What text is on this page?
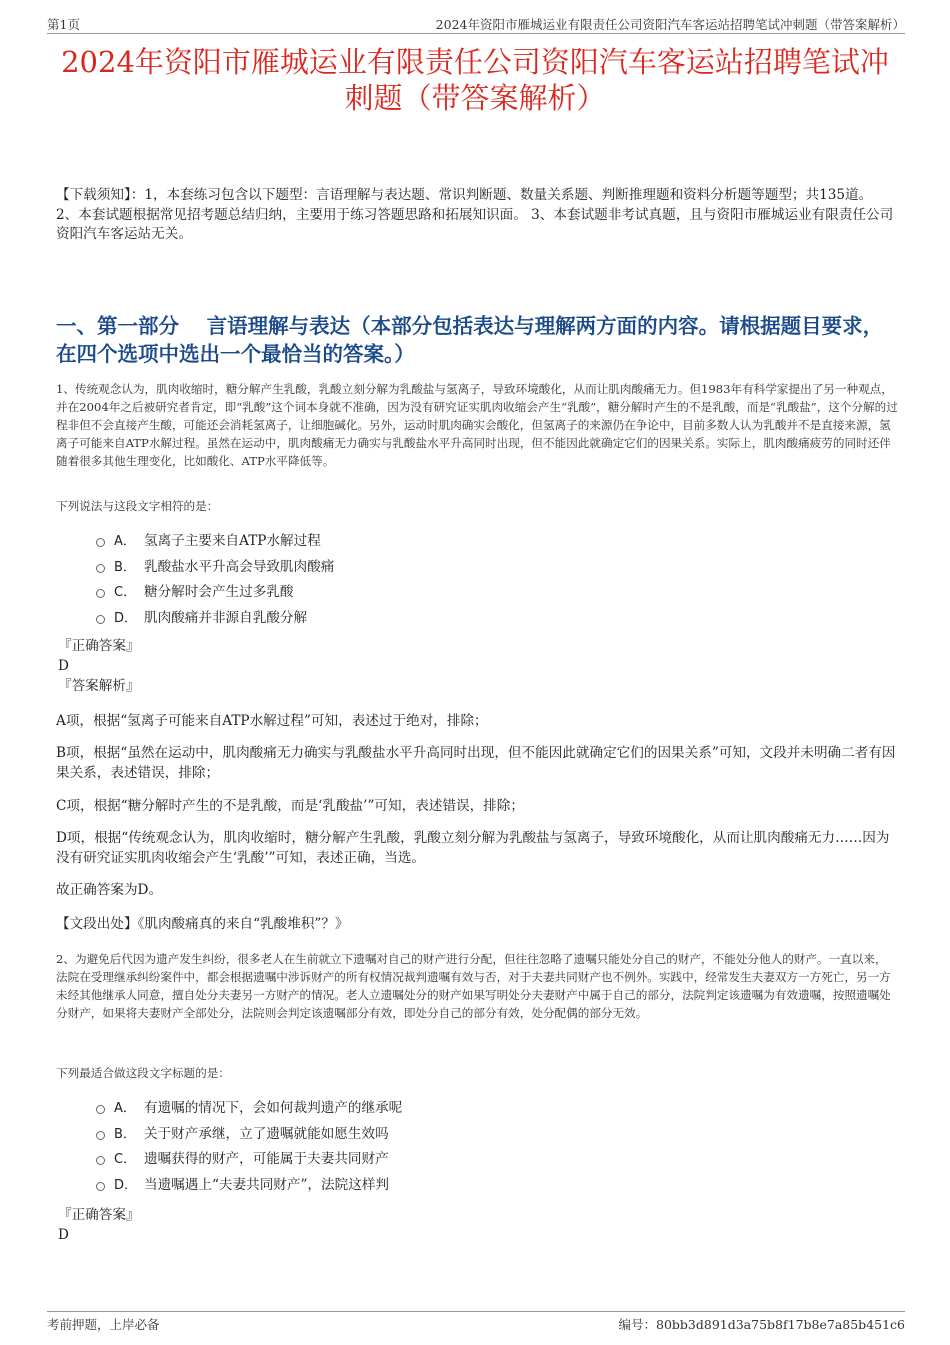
第1页	2024年资阳市雁城运业有限责任公司资阳汽车客运站招聘笔试冲刺题（带答案解析）
2024年资阳市雁城运业有限责任公司资阳汽车客运站招聘笔试冲刺题（带答案解析）

【下载须知】：1，本套练习包含以下题型：言语理解与表达题、常识判断题、数量关系题、判断推理题和资料分析题等题型；共135道。 2、本套试题根据常见招考题总结归纳，主要用于练习答题思路和拓展知识面。 3、本套试题非考试真题，且与资阳市雁城运业有限责任公司资阳汽车客运站无关。

一、第一部分　 言语理解与表达（本部分包括表达与理解两方面的内容。请根据题目要求，在四个选项中选出一个最恰当的答案。）

1、传统观念认为，肌肉收缩时，糖分解产生乳酸，乳酸立刻分解为乳酸盐与氢离子，导致环境酸化，从而让肌肉酸痛无力。但1983年有科学家提出了另一种观点，并在2004年之后被研究者肯定，即“乳酸”这个词本身就不准确，因为没有研究证实肌肉收缩会产生“乳酸”，糖分解时产生的不是乳酸，而是“乳酸盐”，这个分解的过程非但不会直接产生酸，可能还会消耗氢离子，让细胞碱化。另外，运动时肌肉确实会酸化，但氢离子的来源仍在争论中，目前多数人认为乳酸并不是直接来源，氢离子可能来自ATP水解过程。虽然在运动中，肌肉酸痛无力确实与乳酸盐水平升高同时出现，但不能因此就确定它们的因果关系。实际上，肌肉酸痛疲劳的同时还伴随着很多其他生理变化，比如酸化、ATP水平降低等。

下列说法与这段文字相符的是：

A． 氢离子主要来自ATP水解过程
B． 乳酸盐水平升高会导致肌肉酸痛
C． 糖分解时会产生过多乳酸
D． 肌肉酸痛并非源自乳酸分解
『正确答案』
D
『答案解析』

A项，根据“氢离子可能来自ATP水解过程”可知，表述过于绝对，排除；

B项，根据“虽然在运动中，肌肉酸痛无力确实与乳酸盐水平升高同时出现，但不能因此就确定它们的因果关系”可知，文段并未明确二者有因果关系，表述错误，排除；

C项，根据“糖分解时产生的不是乳酸，而是‘乳酸盐’”可知，表述错误，排除；

D项，根据“传统观念认为，肌肉收缩时，糖分解产生乳酸，乳酸立刻分解为乳酸盐与氢离子，导致环境酸化，从而让肌肉酸痛无力……因为没有研究证实肌肉收缩会产生‘乳酸’”可知，表述正确，当选。

故正确答案为D。

【文段出处】《肌肉酸痛真的来自“乳酸堆积”？》

2、为避免后代因为遗产发生纠纷，很多老人在生前就立下遗嘱对自己的财产进行分配，但往往忽略了遗嘱只能处分自己的财产，不能处分他人的财产。一直以来，法院在受理继承纠纷案件中，都会根据遗嘱中涉诉财产的所有权情况裁判遗嘱有效与否，对于夫妻共同财产也不例外。实践中，经常发生夫妻双方一方死亡，另一方未经其他继承人同意，擅自处分夫妻另一方财产的情况。老人立遗嘱处分的财产如果写明处分夫妻财产中属于自己的部分，法院判定该遗嘱为有效遗嘱，按照遗嘱处分财产，如果将夫妻财产全部处分，法院则会判定该遗嘱部分有效，即处分自己的部分有效，处分配偶的部分无效。

下列最适合做这段文字标题的是：

A． 有遗嘱的情况下，会如何裁判遗产的继承呢
B． 关于财产承继，立了遗嘱就能如愿生效吗
C． 遗嘱获得的财产，可能属于夫妻共同财产
D． 当遗嘱遇上“夫妻共同财产”，法院这样判
『正确答案』
D
考前押题，上岸必备	编号：80bb3d891d3a75b8f17b8e7a85b451c6
